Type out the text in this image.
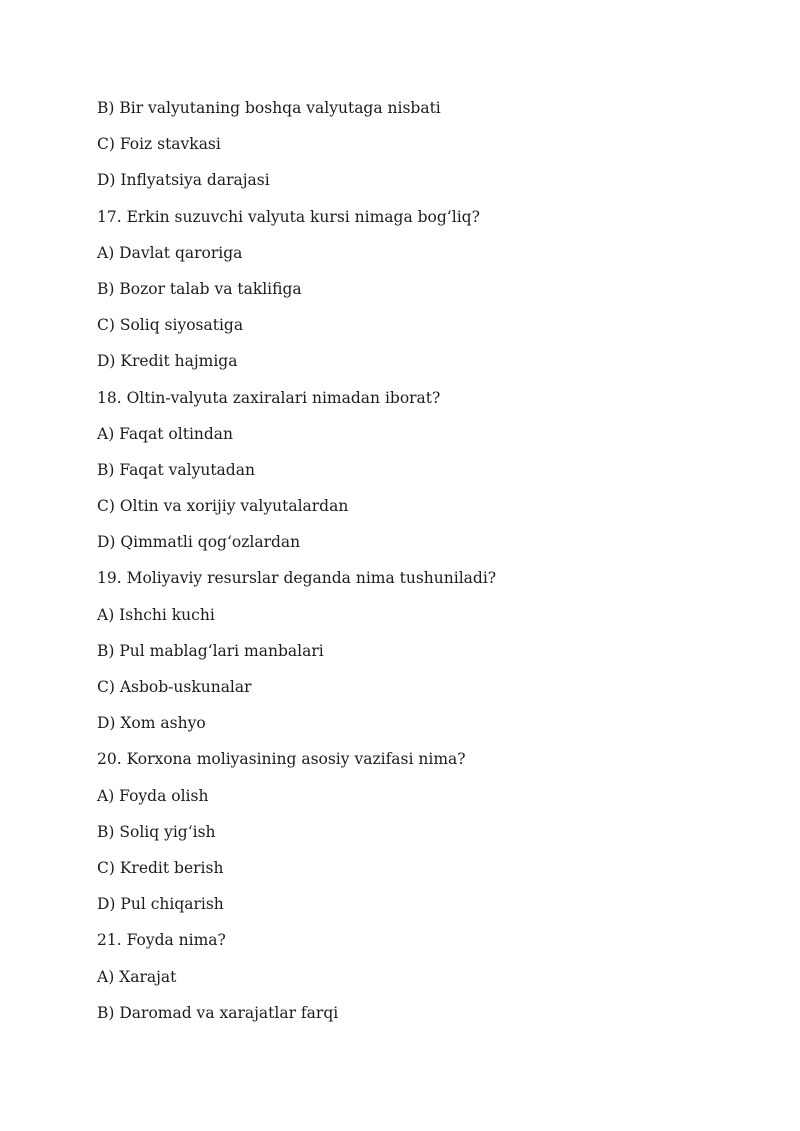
B) Bir valyutaning boshqa valyutaga nisbati
C) Foiz stavkasi
D) Inflyatsiya darajasi
17. Erkin suzuvchi valyuta kursi nimaga bog‘liq?
A) Davlat qaroriga
B) Bozor talab va taklifiga
C) Soliq siyosatiga
D) Kredit hajmiga
18. Oltin-valyuta zaxiralari nimadan iborat?
A) Faqat oltindan
B) Faqat valyutadan
C) Oltin va xorijiy valyutalardan
D) Qimmatli qog‘ozlardan
19. Moliyaviy resurslar deganda nima tushuniladi?
A) Ishchi kuchi
B) Pul mablag‘lari manbalari
C) Asbob-uskunalar
D) Xom ashyo
20. Korxona moliyasining asosiy vazifasi nima?
A) Foyda olish
B) Soliq yig‘ish
C) Kredit berish
D) Pul chiqarish
21. Foyda nima?
A) Xarajat
B) Daromad va xarajatlar farqi
